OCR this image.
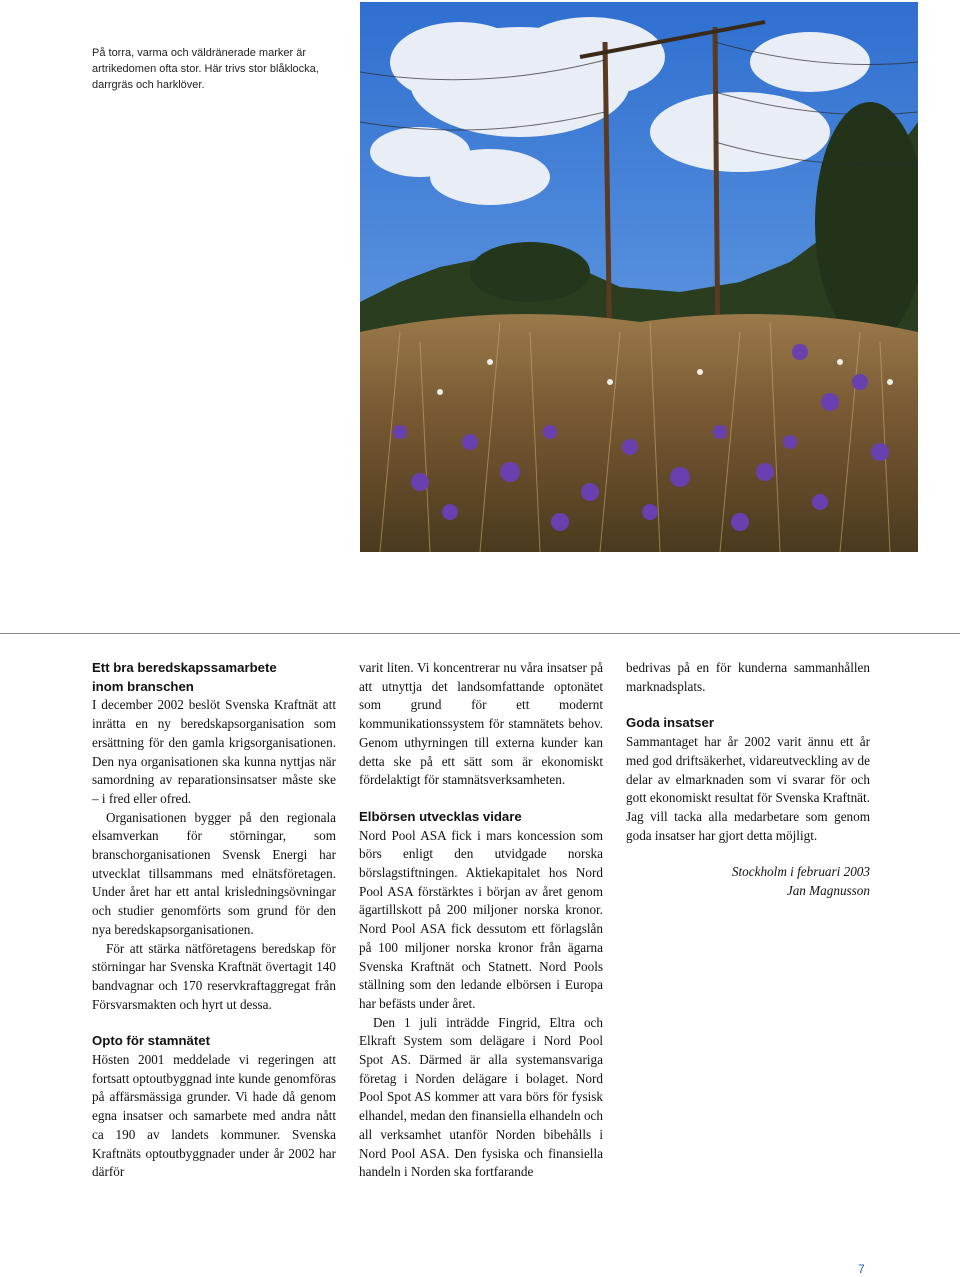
På torra, varma och väldränerade marker är
artrikedomen ofta stor. Här trivs stor blåklocka,
darrgräs och harklöver.
Ett bra beredskapssamarbete
inom branschen

I december 2002 beslöt Svenska Kraftnät att inrätta en ny beredskapsorganisation som ersättning för den gamla krigsorganisationen. Den nya organisationen ska kunna nyttjas när samordning av reparationsinsatser måste ske – i fred eller ofred.

Organisationen bygger på den regionala elsamverkan för störningar, som branschorganisationen Svensk Energi har utvecklat tillsammans med elnätsföretagen. Under året har ett antal krisledningsövningar och studier genomförts som grund för den nya beredskapsorganisationen.

För att stärka nätföretagens beredskap för störningar har Svenska Kraftnät övertagit 140 bandvagnar och 170 reservkraftaggregat från Försvarsmakten och hyrt ut dessa.

Opto för stamnätet

Hösten 2001 meddelade vi regeringen att fortsatt optoutbyggnad inte kunde genomföras på affärsmässiga grunder. Vi hade då genom egna insatser och samarbete med andra nått ca 190 av landets kommuner. Svenska Kraftnäts optoutbyggnader under år 2002 har därför

varit liten. Vi koncentrerar nu våra insatser på att utnyttja det landsomfattande optonätet som grund för ett modernt kommunikationssystem för stamnätets behov. Genom uthyrningen till externa kunder kan detta ske på ett sätt som är ekonomiskt fördelaktigt för stamnätsverksamheten.

Elbörsen utvecklas vidare

Nord Pool ASA fick i mars koncession som börs enligt den utvidgade norska börslagstiftningen. Aktiekapitalet hos Nord Pool ASA förstärktes i början av året genom ägartillskott på 200 miljoner norska kronor. Nord Pool ASA fick dessutom ett förlagslån på 100 miljoner norska kronor från ägarna Svenska Kraftnät och Statnett. Nord Pools ställning som den ledande elbörsen i Europa har befästs under året.

Den 1 juli inträdde Fingrid, Eltra och Elkraft System som delägare i Nord Pool Spot AS. Därmed är alla systemansvariga företag i Norden delägare i bolaget. Nord Pool Spot AS kommer att vara börs för fysisk elhandel, medan den finansiella elhandeln och all verksamhet utanför Norden bibehålls i Nord Pool ASA. Den fysiska och finansiella handeln i Norden ska fortfarande

bedrivas på en för kunderna sammanhållen marknadsplats.

Goda insatser

Sammantaget har år 2002 varit ännu ett år med god driftsäkerhet, vidareutveckling av de delar av elmarknaden som vi svarar för och gott ekonomiskt resultat för Svenska Kraftnät. Jag vill tacka alla medarbetare som genom goda insatser har gjort detta möjligt.

Stockholm i februari 2003

Jan Magnusson

7
